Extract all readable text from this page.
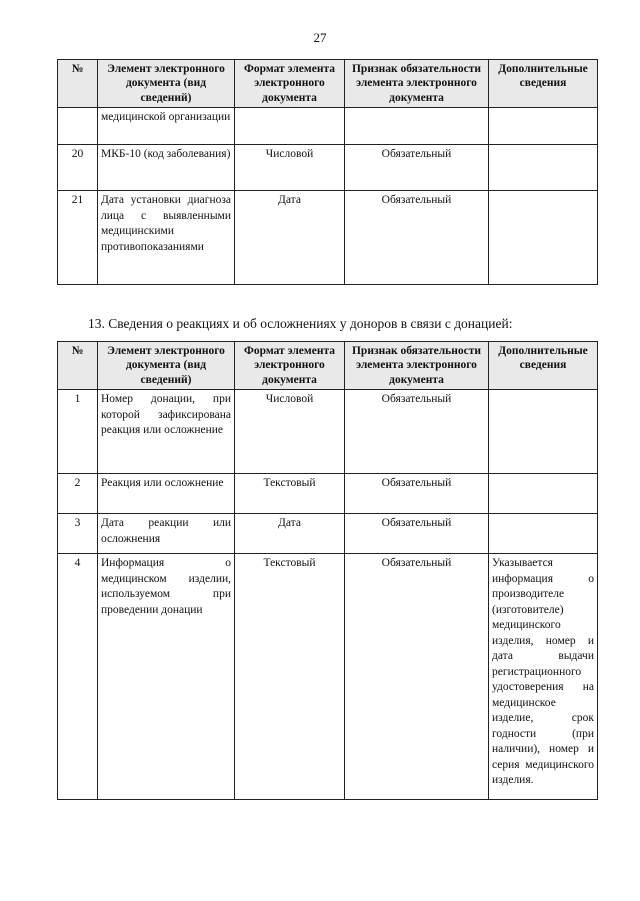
27
№	Элемент электронного документа (вид сведений)	Формат элемента электронного документа	Признак обязательности элемента электронного документа	Дополнительные сведения
	медицинской организации			
20	МКБ-10 (код заболевания)	Числовой	Обязательный	
21	Дата установки диагноза лица с выявленными медицинскими противопоказаниями	Дата	Обязательный	
13. Сведения о реакциях и об осложнениях у доноров в связи с донацией:
№	Элемент электронного документа (вид сведений)	Формат элемента электронного документа	Признак обязательности элемента электронного документа	Дополнительные сведения
1	Номер донации, при которой зафиксирована реакция или осложнение	Числовой	Обязательный	
2	Реакция или осложнение	Текстовый	Обязательный	
3	Дата реакции или осложнения	Дата	Обязательный	
4	Информация о медицинском изделии, используемом при проведении донации	Текстовый	Обязательный	Указывается информация о производителе (изготовителе) медицинского изделия, номер и дата выдачи регистрационного удостоверения на медицинское изделие, срок годности (при наличии), номер и серия медицинского изделия.
